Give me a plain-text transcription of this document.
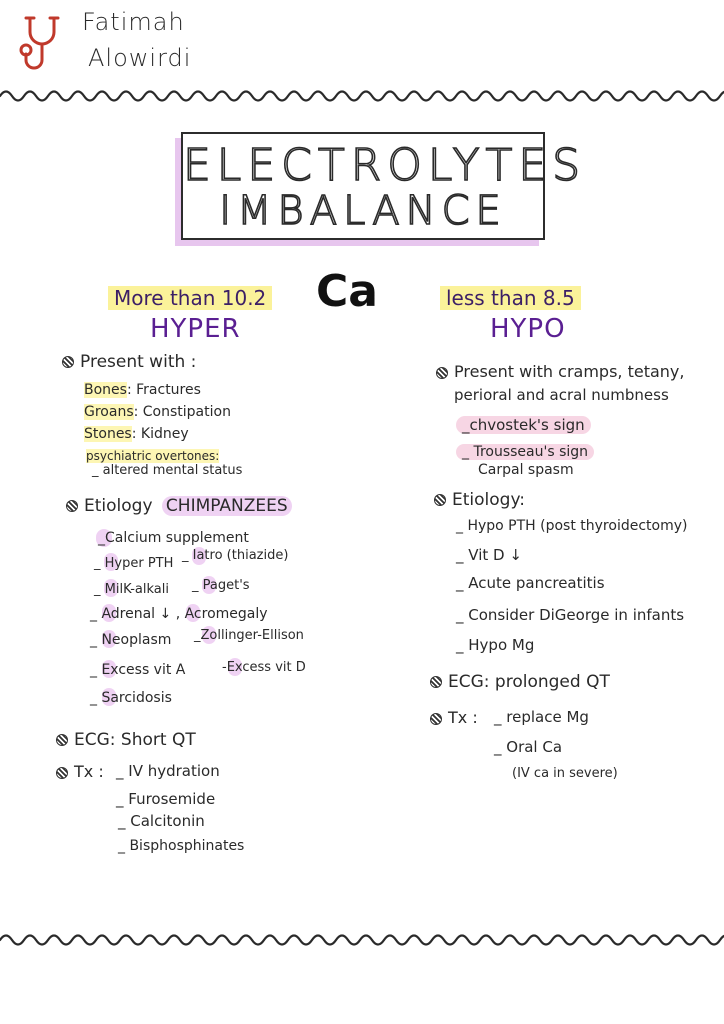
Fatimah
Alowirdi
ELECTROLYTES
IMBALANCE
Ca
More than 10.2
HYPER
less than 8.5
HYPO
Present with :
Bones: Fractures
Groans: Constipation
Stones: Kidney
psychiatric overtones:
_ altered mental status
Etiology CHIMPANZEES
_Calcium supplement
_ Hyper PTH
_ Iatro (thiazide)
_ MilK-alkali _ Paget's
_ Adrenal ↓ , Acromegaly
_ Neoplasm _Zollinger-Ellison
_ Excess vit A	-Excess vit D
_ Sarcidosis
ECG: Short QT
Tx : _ IV hydration
_ Furosemide
_ Calcitonin
_ Bisphosphinates
Present with cramps, tetany,
perioral and acral numbness
_chvostek's sign
_ Trousseau's sign
Carpal spasm
Etiology:
_ Hypo PTH (post thyroidectomy)
_ Vit D ↓
_ Acute pancreatitis
_ Consider DiGeorge in infants
_ Hypo Mg
ECG: prolonged QT
Tx : _ replace Mg
_ Oral Ca
(IV ca in severe)
